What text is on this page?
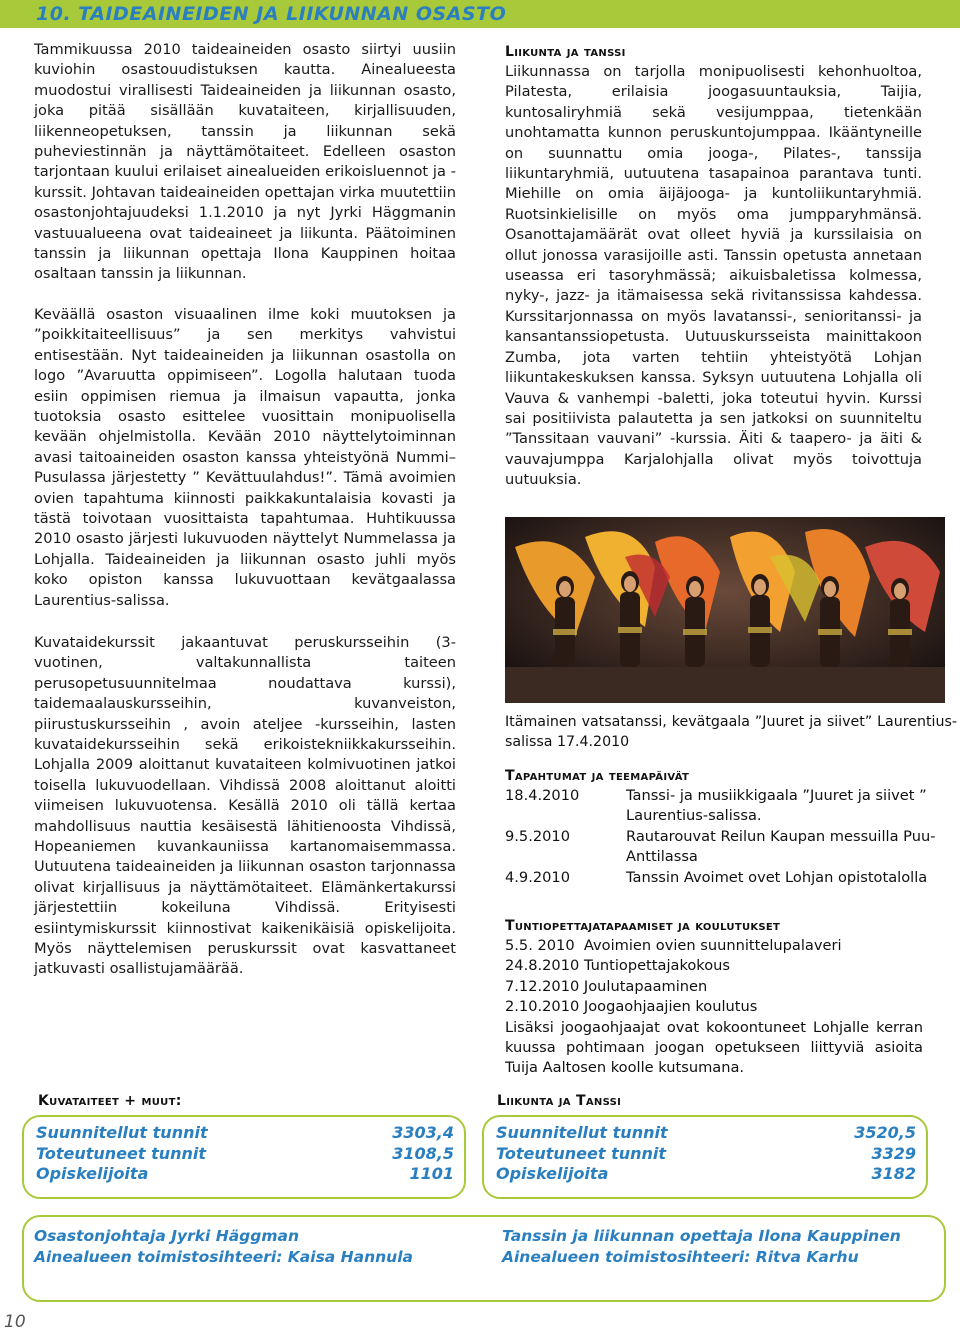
10. TAIDEAINEIDEN JA LIIKUNNAN OSASTO

Tammikuussa 2010 taideaineiden osasto siirtyi uusiin kuviohin osastouudistuksen kautta. Ainealueesta muodostui virallisesti Taideaineiden ja liikunnan osasto, joka pitää sisällään kuvataiteen, kirjallisuuden, liikenneopetuksen, tanssin ja liikunnan sekä puheviestinnän ja näyttämötaiteet. Edelleen osaston tarjontaan kuului erilaiset ainealueiden erikoisluennot ja -kurssit. Johtavan taideaineiden opettajan virka muutettiin osastonjohtajuudeksi 1.1.2010 ja nyt Jyrki Häggmanin vastuualueena ovat taideaineet ja liikunta. Päätoiminen tanssin ja liikunnan opettaja Ilona Kauppinen hoitaa osaltaan tanssin ja liikunnan.

Keväällä osaston visuaalinen ilme koki muutoksen ja ”poikkitaiteellisuus” ja sen merkitys vahvistui entisestään. Nyt taideaineiden ja liikunnan osastolla on logo ”Avaruutta oppimiseen”. Logolla halutaan tuoda esiin oppimisen riemua ja ilmaisun vapautta, jonka tuotoksia osasto esittelee vuosittain monipuolisella kevään ohjelmistolla. Kevään 2010 näyttelytoiminnan avasi taitoaineiden osaston kanssa yhteistyönä Nummi–Pusulassa järjestetty ” Kevättuulahdus!”. Tämä avoimien ovien tapahtuma kiinnosti paikkakuntalaisia kovasti ja tästä toivotaan vuosittaista tapahtumaa. Huhtikuussa 2010 osasto järjesti lukuvuoden näyttelyt Nummelassa ja Lohjalla. Taideaineiden ja liikunnan osasto juhli myös koko opiston kanssa lukuvuottaan kevätgaalassa Laurentius-salissa.

Kuvataidekurssit jakaantuvat peruskursseihin (3-vuotinen, valtakunnallista taiteen perusopetusuunnitelmaa noudattava kurssi), taidemaalauskursseihin, kuvanveiston, piirustuskursseihin , avoin ateljee -kursseihin, lasten kuvataidekursseihin sekä erikoistekniikkakursseihin. Lohjalla 2009 aloittanut kuvataiteen kolmivuotinen jatkoi toisella lukuvuodellaan. Vihdissä 2008 aloittanut aloitti viimeisen lukuvuotensa. Kesällä 2010 oli tällä kertaa mahdollisuus nauttia kesäisestä lähitienoosta Vihdissä, Hopeaniemen kuvankauniissa kartanomaisemmassa. Uutuutena taideaineiden ja liikunnan osaston tarjonnassa olivat kirjallisuus ja näyttämötaiteet. Elämänkertakurssi järjestettiin kokeiluna Vihdissä. Erityisesti esiintymiskurssit kiinnostivat kaikenikäisiä opiskelijoita. Myös näyttelemisen peruskurssit ovat kasvattaneet jatkuvasti osallistujamäärää.

Liikunta ja tanssi

Liikunnassa on tarjolla monipuolisesti kehonhuoltoa, Pilatesta, erilaisia joogasuuntauksia, Taijia, kuntosaliryhmiä sekä vesijumppaa, tietenkään unohtamatta kunnon peruskuntojumppaa. Ikääntyneille on suunnattu omia jooga-, Pilates-, tanssija liikuntaryhmiä, uutuutena tasapainoa parantava tunti. Miehille on omia äijäjooga- ja kuntoliikuntaryhmiä. Ruotsinkielisille on myös oma jumpparyhmänsä. Osanottajamäärät ovat olleet hyviä ja kurssilaisia on ollut jonossa varasijoille asti. Tanssin opetusta annetaan useassa eri tasoryhmässä; aikuisbaletissa kolmessa, nyky-, jazz- ja itämaisessa sekä rivitanssissa kahdessa. Kurssitarjonnassa on myös lavatanssi-, senioritanssi- ja kansantanssiopetusta. Uutuuskursseista mainittakoon Zumba, jota varten tehtiin yhteistyötä Lohjan liikuntakeskuksen kanssa. Syksyn uutuutena Lohjalla oli Vauva & vanhempi -baletti, joka toteutui hyvin. Kurssi sai positiivista palautetta ja sen jatkoksi on suunniteltu ”Tanssitaan vauvani” -kurssia. Äiti & taapero- ja äiti & vauvajumppa Karjalohjalla olivat myös toivottuja uutuuksia.

Itämainen vatsatanssi, kevätgaala ”Juuret ja siivet” Laurentius-salissa 17.4.2010

Tapahtumat ja teemapäivät

18.4.2010	Tanssi- ja musiikkigaala ”Juuret ja siivet ” Laurentius-salissa.
9.5.2010	Rautarouvat Reilun Kaupan messuilla Puu-Anttilassa
4.9.2010	Tanssin Avoimet ovet Lohjan opistotalolla

Tuntiopettajatapaamiset ja koulutukset

5.5. 2010  Avoimien ovien suunnittelupalaveri

24.8.2010 Tuntiopettajakokous

7.12.2010 Joulutapaaminen

2.10.2010 Joogaohjaajien koulutus

Lisäksi joogaohjaajat ovat kokoontuneet Lohjalle kerran kuussa pohtimaan joogan opetukseen liittyviä asioita Tuija Aaltosen koolle kutsumana.

Kuvataiteet + muut:
Suunnitellut tunnit	3303,4
Toteutuneet tunnit	3108,5
Opiskelijoita	1101
Liikunta ja Tanssi
Suunnitellut tunnit	3520,5
Toteutuneet tunnit	3329
Opiskelijoita	3182
Osastonjohtaja Jyrki Häggman
Ainealueen toimistosihteeri: Kaisa Hannula
Tanssin ja liikunnan opettaja Ilona Kauppinen
Ainealueen toimistosihteeri: Ritva Karhu
10
